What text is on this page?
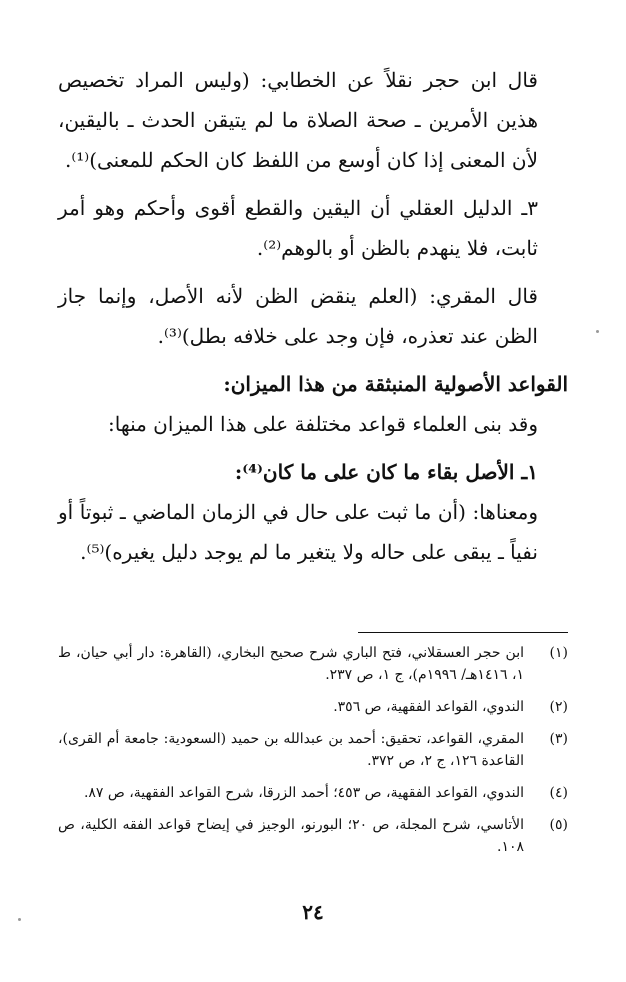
قال ابن حجر نقلاً عن الخطابي: (وليس المراد تخصيص هذين الأمرين ـ صحة الصلاة ما لم يتيقن الحدث ـ باليقين، لأن المعنى إذا كان أوسع من اللفظ كان الحكم للمعنى)⁽¹⁾.

٣ـ الدليل العقلي أن اليقين والقطع أقوى وأحكم وهو أمر ثابت، فلا ينهدم بالظن أو بالوهم⁽²⁾.

قال المقري: (العلم ينقض الظن لأنه الأصل، وإنما جاز الظن عند تعذره، فإن وجد على خلافه بطل)⁽³⁾.

القواعد الأصولية المنبثقة من هذا الميزان:

وقد بنى العلماء قواعد مختلفة على هذا الميزان منها:

١ـ الأصل بقاء ما كان على ما كان⁽⁴⁾:

ومعناها: (أن ما ثبت على حال في الزمان الماضي ـ ثبوتاً أو نفياً ـ يبقى على حاله ولا يتغير ما لم يوجد دليل يغيره)⁽⁵⁾.

(١)
ابن حجر العسقلاني، فتح الباري شرح صحيح البخاري، (القاهرة: دار أبي حيان، ط ١، ١٤١٦هـ/ ١٩٩٦م)، ج ١، ص ٢٣٧.
(٢)
الندوي، القواعد الفقهية، ص ٣٥٦.
(٣)
المقري، القواعد، تحقيق: أحمد بن عبدالله بن حميد (السعودية: جامعة أم القرى)، القاعدة ١٢٦، ج ٢، ص ٣٧٢.
(٤)
الندوي، القواعد الفقهية، ص ٤٥٣؛ أحمد الزرقا، شرح القواعد الفقهية، ص ٨٧.
(٥)
الأتاسي، شرح المجلة، ص ٢٠؛ البورنو، الوجيز في إيضاح قواعد الفقه الكلية، ص ١٠٨.
٢٤
